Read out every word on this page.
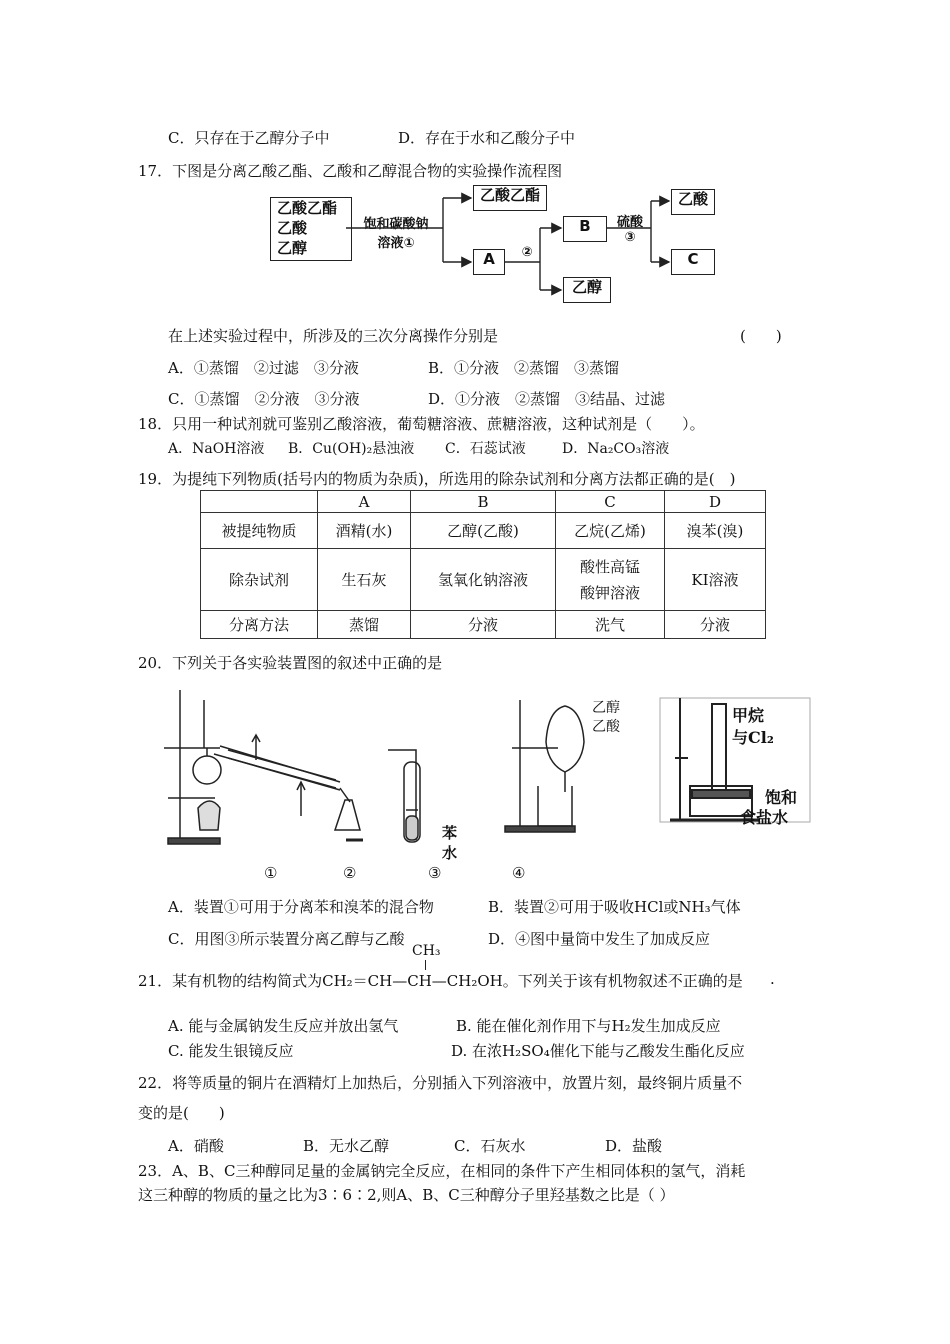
C．只存在于乙醇分子中	D．存在于水和乙酸分子中
17．下图是分离乙酸乙酯、乙酸和乙醇混合物的实验操作流程图
乙酸乙酯
乙酸
乙醇
饱和碳酸钠
溶液①
乙酸乙酯
A	②
B
乙醇
硫酸
③
乙酸
C
在上述实验过程中，所涉及的三次分离操作分别是	(　　)
A．①蒸馏　②过滤　③分液	B．①分液　②蒸馏　③蒸馏
C．①蒸馏　②分液　③分液	D．①分液　②蒸馏　③结晶、过滤
18．只用一种试剂就可鉴别乙酸溶液，葡萄糖溶液、蔗糖溶液，这种试剂是（　　）。
A．NaOH溶液 B．Cu(OH)₂悬浊液 C．石蕊试液	D．Na₂CO₃溶液
19．为提纯下列物质(括号内的物质为杂质)，所选用的除杂试剂和分离方法都正确的是(　)
	A	B	C	D
被提纯物质	酒精(水)	乙醇(乙酸)	乙烷(乙烯)	溴苯(溴)
除杂试剂	生石灰	氢氧化钠溶液	酸性高锰
酸钾溶液	KI溶液
分离方法	蒸馏	分液	洗气	分液
20．下列关于各实验装置图的叙述中正确的是
苯
水
乙醇
乙酸
甲烷
与Cl₂
饱和
食盐水
①	②	③	④
A．装置①可用于分离苯和溴苯的混合物	B．装置②可用于吸收HCl或NH₃气体
C．用图③所示装置分离乙醇与乙酸	D．④图中量筒中发生了加成反应
CH₃
21．某有机物的结构简式为CH₂＝CH—CH—CH₂OH。下列关于该有机物叙述不正确的是 .
A. 能与金属钠发生反应并放出氢气	B. 能在催化剂作用下与H₂发生加成反应
C. 能发生银镜反应	D. 在浓H₂SO₄催化下能与乙酸发生酯化反应
22．将等质量的铜片在酒精灯上加热后，分别插入下列溶液中，放置片刻，最终铜片质量不
变的是(　　)
A．硝酸	B．无水乙醇	C．石灰水	D．盐酸
23．A、B、C三种醇同足量的金属钠完全反应，在相同的条件下产生相同体积的氢气，消耗
这三种醇的物质的量之比为3∶6∶2,则A、B、C三种醇分子里羟基数之比是（ ）
